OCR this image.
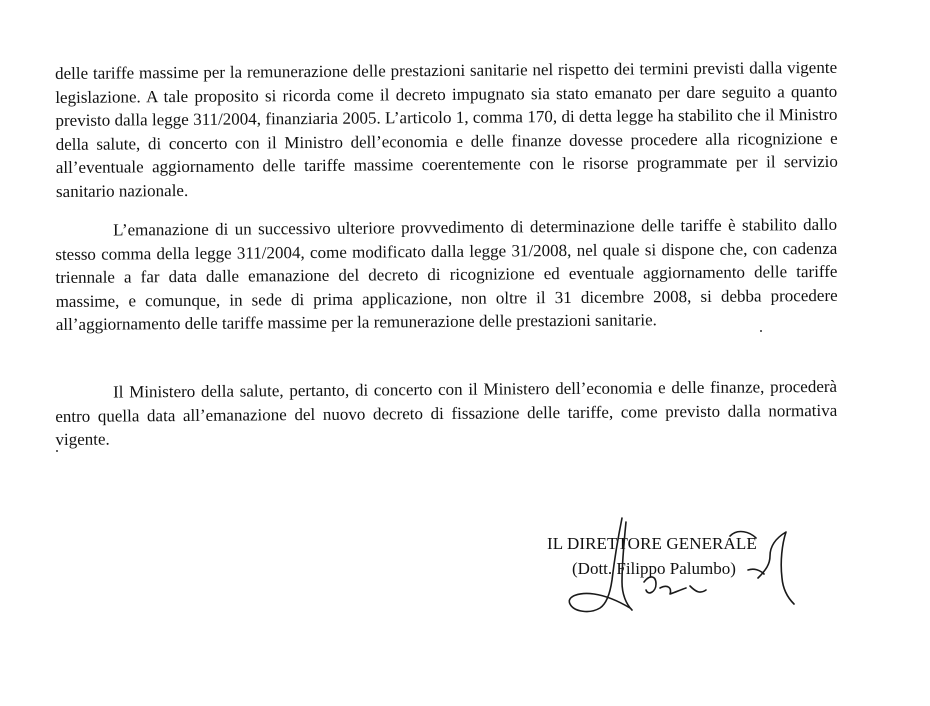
delle tariffe massime per la remunerazione delle prestazioni sanitarie nel rispetto dei termini previsti dalla vigente legislazione. A tale proposito si ricorda come il decreto impugnato sia stato emanato per dare seguito a quanto previsto dalla legge 311/2004, finanziaria 2005. L’articolo 1, comma 170, di detta legge ha stabilito che il Ministro della salute, di concerto con il Ministro dell’economia e delle finanze dovesse procedere alla ricognizione e all’eventuale aggiornamento delle tariffe massime coerentemente con le risorse programmate per il servizio sanitario nazionale.

L’emanazione di un successivo ulteriore provvedimento di determinazione delle tariffe è stabilito dallo stesso comma della legge 311/2004, come modificato dalla legge 31/2008, nel quale si dispone che, con cadenza triennale a far data dalle emanazione del decreto di ricognizione ed eventuale aggiornamento delle tariffe massime, e comunque, in sede di prima applicazione, non oltre il 31 dicembre 2008, si debba procedere all’aggiornamento delle tariffe massime per la remunerazione delle prestazioni sanitarie.

Il Ministero della salute, pertanto, di concerto con il Ministero dell’economia e delle finanze, procederà entro quella data all’emanazione del nuovo decreto di fissazione delle tariffe, come previsto dalla normativa vigente.

IL DIRETTORE GENERALE
(Dott. Filippo Palumbo)
